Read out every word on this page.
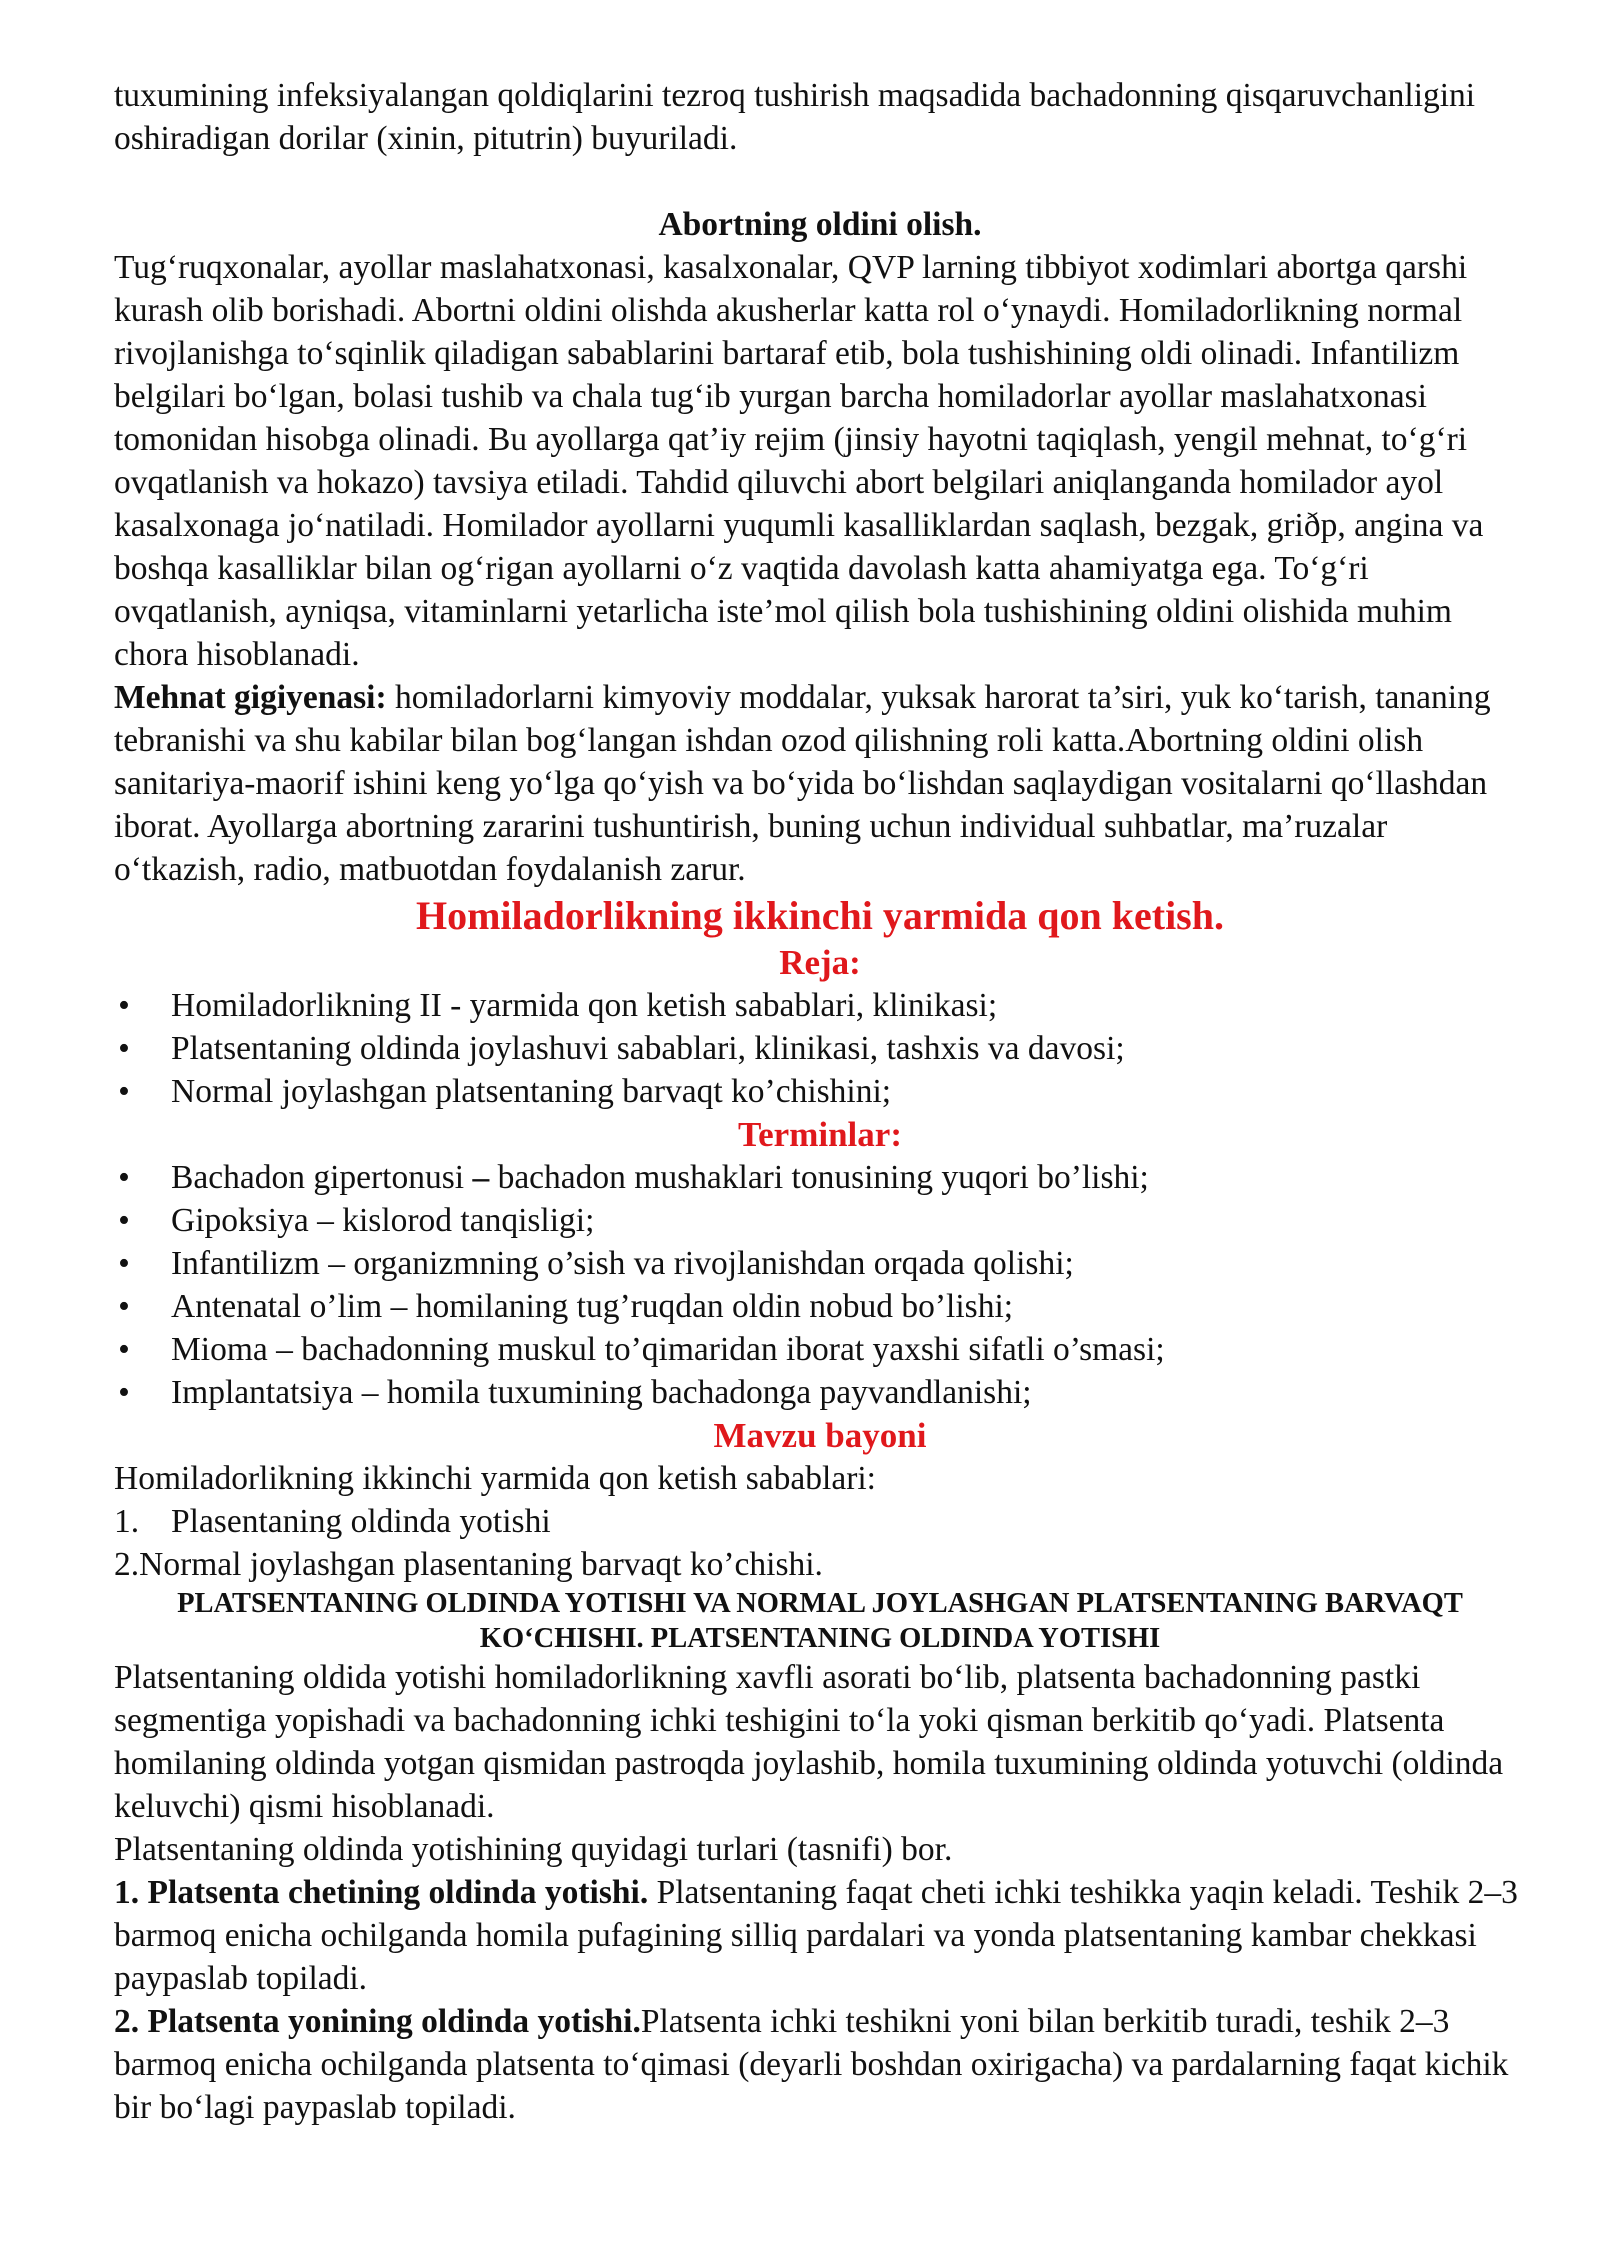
tuxumining infeksiyalangan qoldiqlarini tezroq tushirish maqsadida bachadonning qisqaruvchanligini oshiradigan dorilar (xinin, pitutrin) buyuriladi.

Abortning oldini olish.

Tug‘ruqxonalar, ayollar maslahatxonasi, kasalxonalar, QVP larning tibbiyot xodimlari abortga qarshi kurash olib borishadi. Abortni oldini olishda akusherlar katta rol o‘ynaydi. Homiladorlikning normal rivojlanishga to‘sqinlik qiladigan sabablarini bartaraf etib, bola tushishining oldi olinadi. Infantilizm belgilari bo‘lgan, bolasi tushib va chala tug‘ib yurgan barcha homiladorlar ayollar maslahatxonasi tomonidan hisobga olinadi. Bu ayollarga qat’iy rejim (jinsiy hayotni taqiqlash, yengil mehnat, to‘g‘ri ovqatlanish va hokazo) tavsiya etiladi. Tahdid qiluvchi abort belgilari aniqlanganda homilador ayol kasalxonaga jo‘natiladi. Homilador ayollarni yuqumli kasalliklardan saqlash, bezgak, griðp, angina va boshqa kasalliklar bilan og‘rigan ayollarni o‘z vaqtida davolash katta ahamiyatga ega. To‘g‘ri ovqatlanish, ayniqsa, vitaminlarni yetarlicha iste’mol qilish bola tushishining oldini olishida muhim chora hisoblanadi.

Mehnat gigiyenasi: homiladorlarni kimyoviy moddalar, yuksak harorat ta’siri, yuk ko‘tarish, tananing tebranishi va shu kabilar bilan bog‘langan ishdan ozod qilishning roli katta.Abortning oldini olish sanitariya-maorif ishini keng yo‘lga qo‘yish va bo‘yida bo‘lishdan saqlaydigan vositalarni qo‘llashdan iborat. Ayollarga abortning zararini tushuntirish, buning uchun individual suhbatlar, ma’ruzalar o‘tkazish, radio, matbuotdan foydalanish zarur.

Homiladorlikning ikkinchi yarmida qon ketish.

Reja:

• Homiladorlikning II - yarmida qon ketish sabablari, klinikasi;
• Platsentaning oldinda joylashuvi sabablari, klinikasi, tashxis va davosi;
• Normal joylashgan platsentaning barvaqt ko’chishini;

Terminlar:

• Bachadon gipertonusi – bachadon mushaklari tonusining yuqori bo’lishi;
• Gipoksiya – kislorod tanqisligi;
• Infantilizm – organizmning o’sish va rivojlanishdan orqada qolishi;
• Antenatal o’lim – homilaning tug’ruqdan oldin nobud bo’lishi;
• Mioma – bachadonning muskul to’qimaridan iborat yaxshi sifatli o’smasi;
• Implantatsiya – homila tuxumining bachadonga payvandlanishi;

Mavzu bayoni

Homiladorlikning ikkinchi yarmida qon ketish sabablari:

1. Plasentaning oldinda yotishi

2.Normal joylashgan plasentaning barvaqt ko’chishi.

PLATSENTANING OLDINDA YOTISHI VA NORMAL JOYLASHGAN PLATSENTANING BARVAQT KO‘CHISHI. PLATSENTANING OLDINDA YOTISHI

Platsentaning oldida yotishi homiladorlikning xavfli asorati bo‘lib, platsenta bachadonning pastki segmentiga yopishadi va bachadonning ichki teshigini to‘la yoki qisman berkitib qo‘yadi. Platsenta homilaning oldinda yotgan qismidan pastroqda joylashib, homila tuxumining oldinda yotuvchi (oldinda keluvchi) qismi hisoblanadi.

Platsentaning oldinda yotishining quyidagi turlari (tasnifi) bor.

1. Platsenta chetining oldinda yotishi. Platsentaning faqat cheti ichki teshikka yaqin keladi. Teshik 2–3 barmoq enicha ochilganda homila pufagining silliq pardalari va yonda platsentaning kambar chekkasi paypaslab topiladi.

2. Platsenta yonining oldinda yotishi.Platsenta ichki teshikni yoni bilan berkitib turadi, teshik 2–3 barmoq enicha ochilganda platsenta to‘qimasi (deyarli boshdan oxirigacha) va pardalarning faqat kichik bir bo‘lagi paypaslab topiladi.
